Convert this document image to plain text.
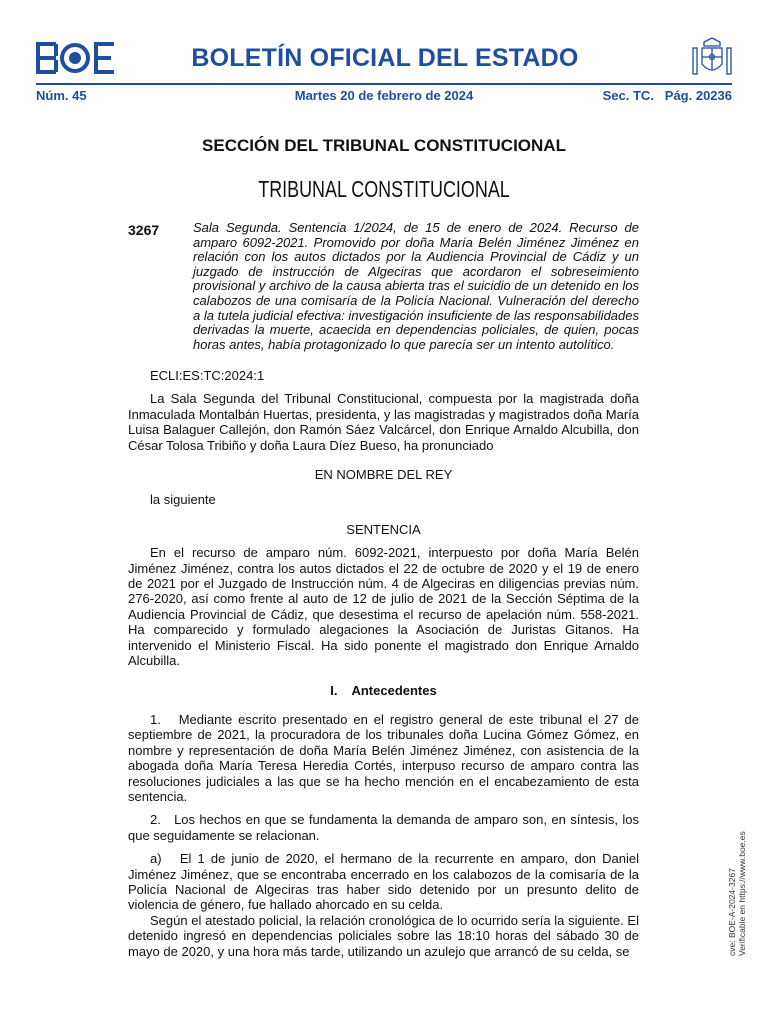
BOLETÍN OFICIAL DEL ESTADO
Núm. 45	Martes 20 de febrero de 2024	Sec. TC.   Pág. 20236
SECCIÓN DEL TRIBUNAL CONSTITUCIONAL
TRIBUNAL CONSTITUCIONAL
3267	Sala Segunda. Sentencia 1/2024, de 15 de enero de 2024. Recurso de amparo 6092-2021. Promovido por doña María Belén Jiménez Jiménez en relación con los autos dictados por la Audiencia Provincial de Cádiz y un juzgado de instrucción de Algeciras que acordaron el sobreseimiento provisional y archivo de la causa abierta tras el suicidio de un detenido en los calabozos de una comisaría de la Policía Nacional. Vulneración del derecho a la tutela judicial efectiva: investigación insuficiente de las responsabilidades derivadas la muerte, acaecida en dependencias policiales, de quien, pocas horas antes, había protagonizado lo que parecía ser un intento autolítico.

ECLI:ES:TC:2024:1

La Sala Segunda del Tribunal Constitucional, compuesta por la magistrada doña Inmaculada Montalbán Huertas, presidenta, y las magistradas y magistrados doña María Luisa Balaguer Callejón, don Ramón Sáez Valcárcel, don Enrique Arnaldo Alcubilla, don César Tolosa Tribiño y doña Laura Díez Bueso, ha pronunciado

EN NOMBRE DEL REY

la siguiente

SENTENCIA

En el recurso de amparo núm. 6092-2021, interpuesto por doña María Belén Jiménez Jiménez, contra los autos dictados el 22 de octubre de 2020 y el 19 de enero de 2021 por el Juzgado de Instrucción núm. 4 de Algeciras en diligencias previas núm. 276-2020, así como frente al auto de 12 de julio de 2021 de la Sección Séptima de la Audiencia Provincial de Cádiz, que desestima el recurso de apelación núm. 558-2021. Ha comparecido y formulado alegaciones la Asociación de Juristas Gitanos. Ha intervenido el Ministerio Fiscal. Ha sido ponente el magistrado don Enrique Arnaldo Alcubilla.

I.    Antecedentes

1.   Mediante escrito presentado en el registro general de este tribunal el 27 de septiembre de 2021, la procuradora de los tribunales doña Lucina Gómez Gómez, en nombre y representación de doña María Belén Jiménez Jiménez, con asistencia de la abogada doña María Teresa Heredia Cortés, interpuso recurso de amparo contra las resoluciones judiciales a las que se ha hecho mención en el encabezamiento de esta sentencia.

2.   Los hechos en que se fundamenta la demanda de amparo son, en síntesis, los que seguidamente se relacionan.

a)   El 1 de junio de 2020, el hermano de la recurrente en amparo, don Daniel Jiménez Jiménez, que se encontraba encerrado en los calabozos de la comisaría de la Policía Nacional de Algeciras tras haber sido detenido por un presunto delito de violencia de género, fue hallado ahorcado en su celda.

Según el atestado policial, la relación cronológica de lo ocurrido sería la siguiente. El detenido ingresó en dependencias policiales sobre las 18:10 horas del sábado 30 de mayo de 2020, y una hora más tarde, utilizando un azulejo que arrancó de su celda, se	cve: BOE-A-2024-3267 Verificable en https://www.boe.es
